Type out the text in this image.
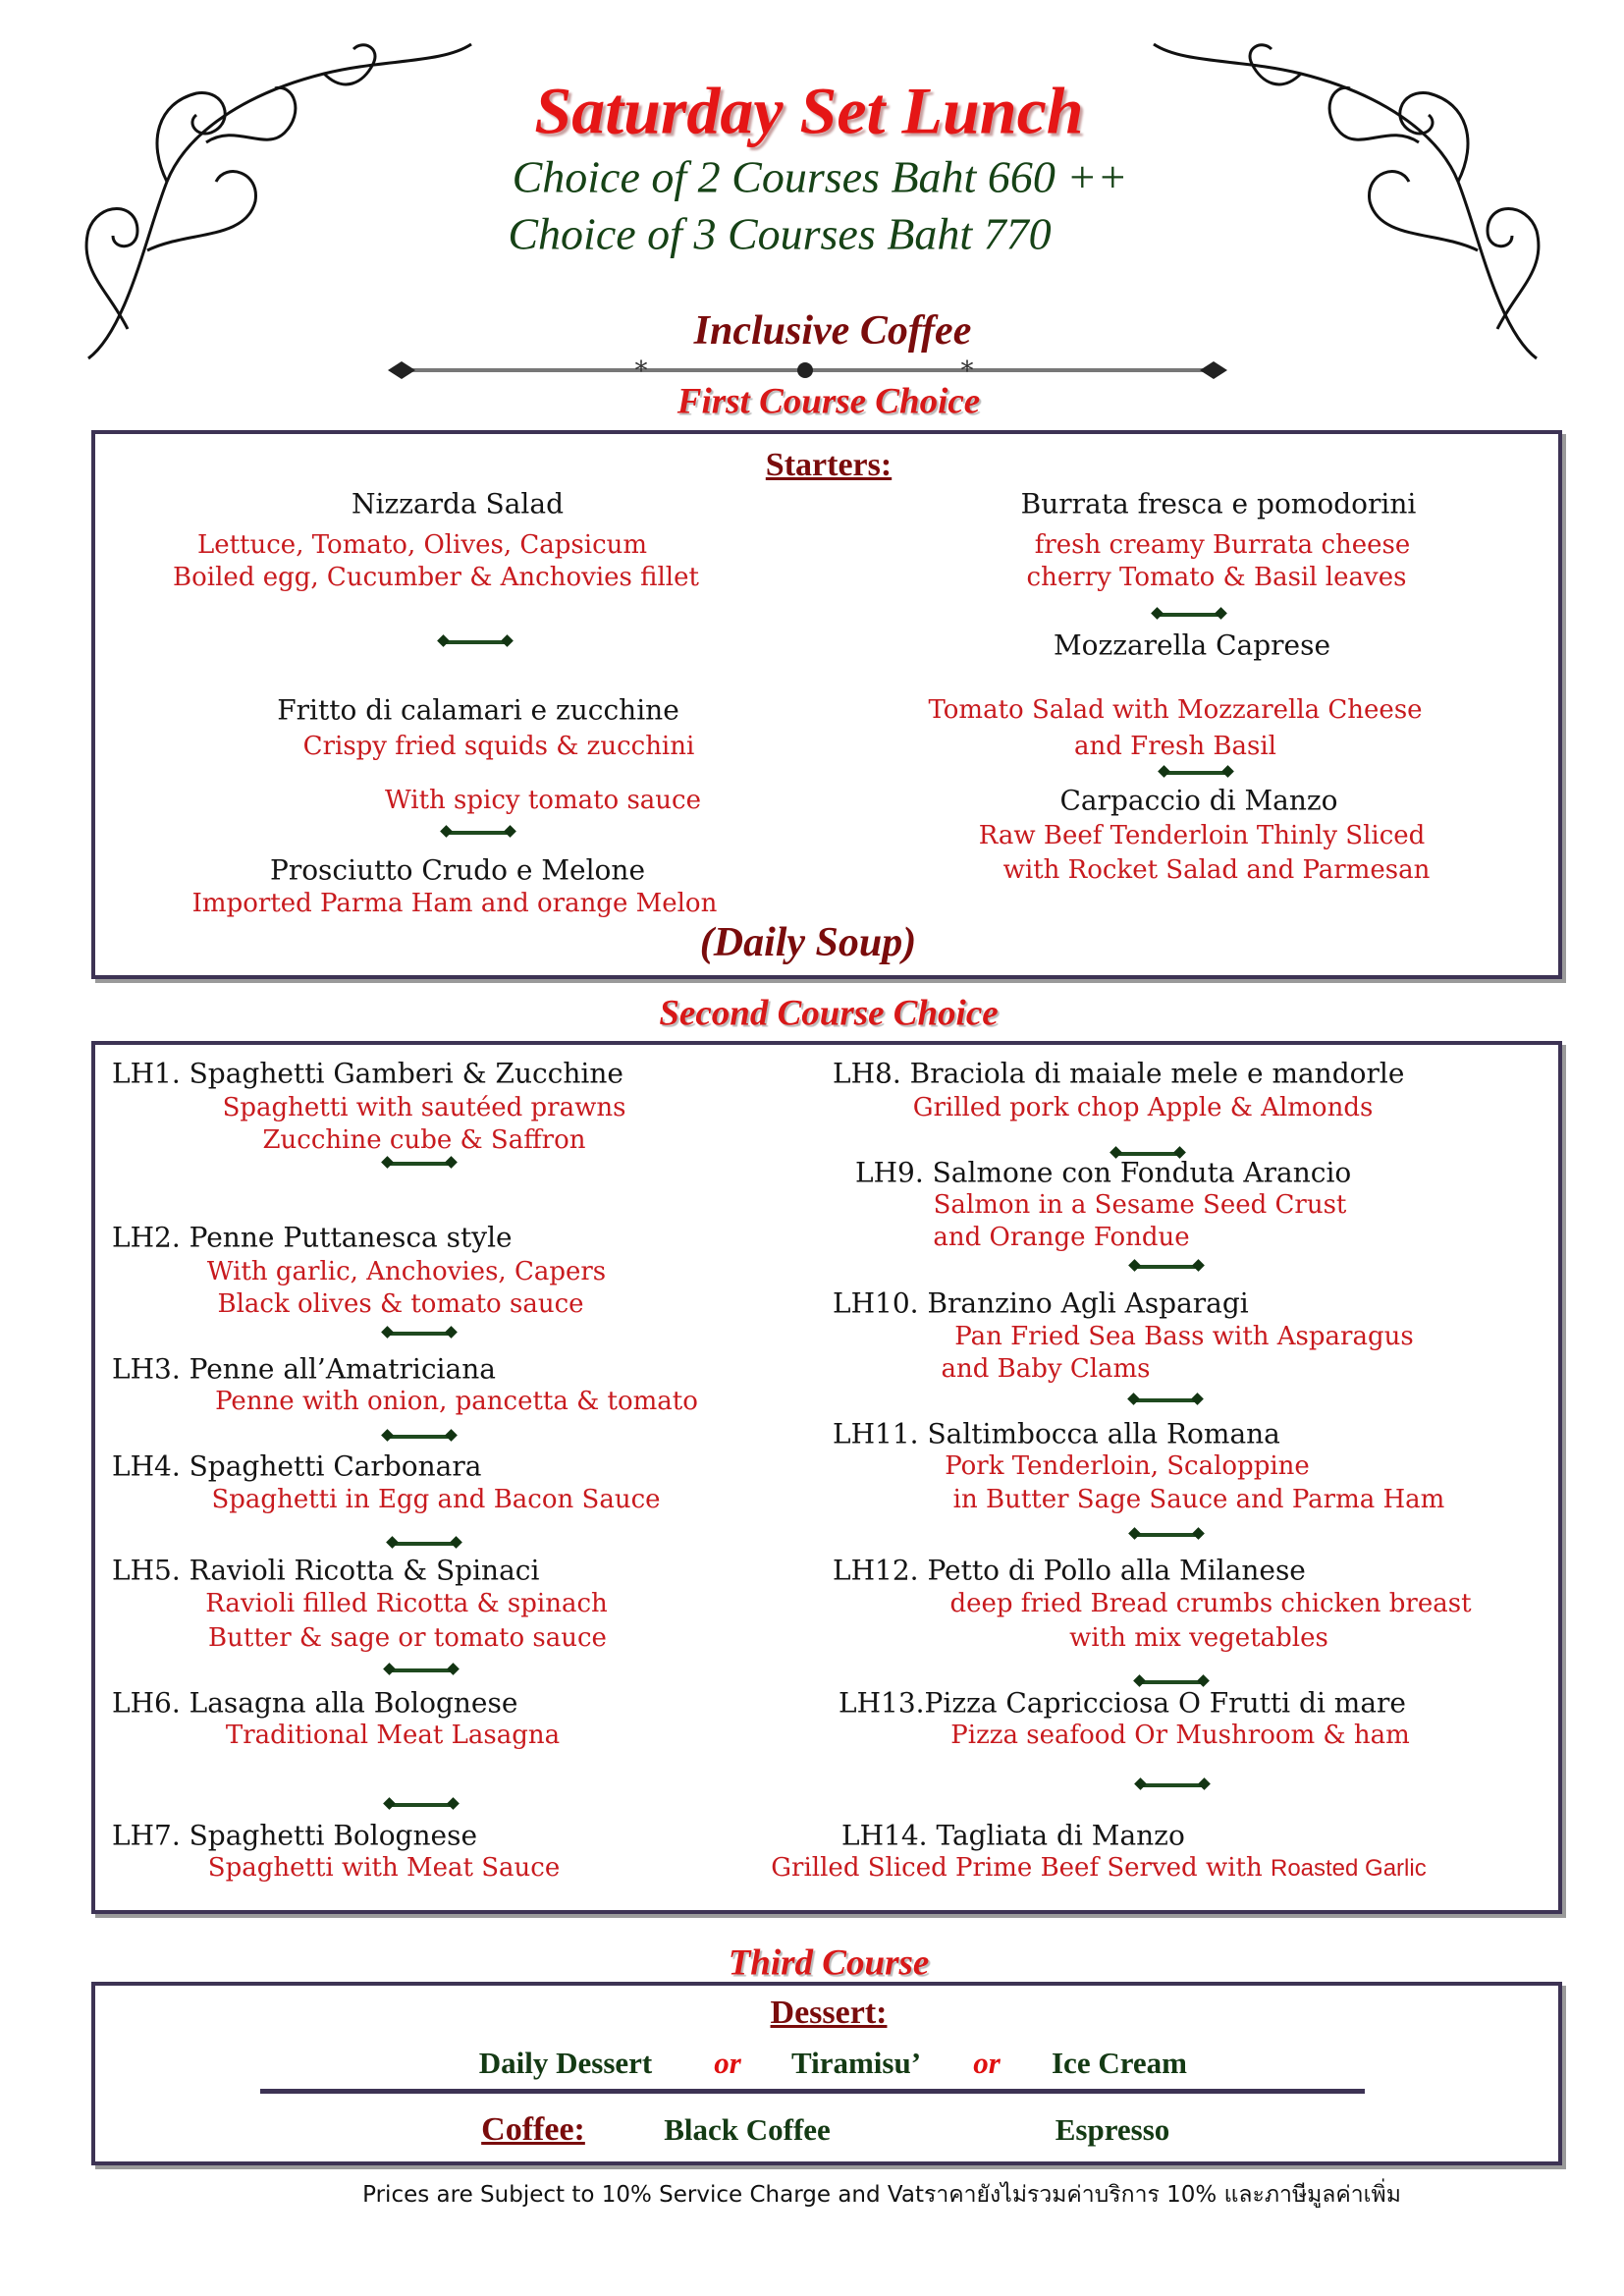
Saturday Set Lunch
Choice of 2 Courses Baht 660 ++
Choice of 3 Courses Baht 770
Inclusive Coffee
*	*
First Course Choice
Starters:
Nizzarda Salad
Lettuce, Tomato, Olives, Capsicum
Boiled egg, Cucumber & Anchovies fillet
Fritto di calamari e zucchine
Crispy fried squids & zucchini
With spicy tomato sauce
Prosciutto Crudo e Melone
Imported Parma Ham and orange Melon
(Daily Soup)
Burrata fresca e pomodorini
fresh creamy Burrata cheese
cherry Tomato & Basil leaves
Mozzarella Caprese
Tomato Salad with Mozzarella Cheese
and Fresh Basil
Carpaccio di Manzo
Raw Beef Tenderloin Thinly Sliced
with Rocket Salad and Parmesan
Second Course Choice
LH1. Spaghetti Gamberi & Zucchine
Spaghetti with sautéed prawns
Zucchine cube & Saffron
LH2. Penne Puttanesca style
With garlic, Anchovies, Capers
Black olives & tomato sauce
LH3. Penne all’Amatriciana
Penne with onion, pancetta & tomato
LH4. Spaghetti Carbonara
Spaghetti in Egg and Bacon Sauce
LH5. Ravioli Ricotta & Spinaci
Ravioli filled Ricotta & spinach
Butter & sage or tomato sauce
LH6. Lasagna alla Bolognese
Traditional Meat Lasagna
LH7. Spaghetti Bolognese
Spaghetti with Meat Sauce
LH8. Braciola di maiale mele e mandorle
Grilled pork chop Apple & Almonds
LH9. Salmone con Fonduta Arancio
Salmon in a Sesame Seed Crust
and Orange Fondue
LH10. Branzino Agli Asparagi
Pan Fried Sea Bass with Asparagus
and Baby Clams
LH11. Saltimbocca alla Romana
Pork Tenderloin, Scaloppine
in Butter Sage Sauce and Parma Ham
LH12. Petto di Pollo alla Milanese
deep fried Bread crumbs chicken breast
with mix vegetables
LH13.Pizza Capricciosa O Frutti di mare
Pizza seafood Or Mushroom & ham
LH14. Tagliata di Manzo
Grilled Sliced Prime Beef Served with Roasted Garlic
Third Course
Dessert:
Daily Dessert or Tiramisu’ or Ice Cream
Coffee:	Black Coffee	Espresso
Prices are Subject to 10% Service Charge and Vatราคายังไม่รวมค่าบริการ 10% และภาษีมูลค่าเพิ่ม
